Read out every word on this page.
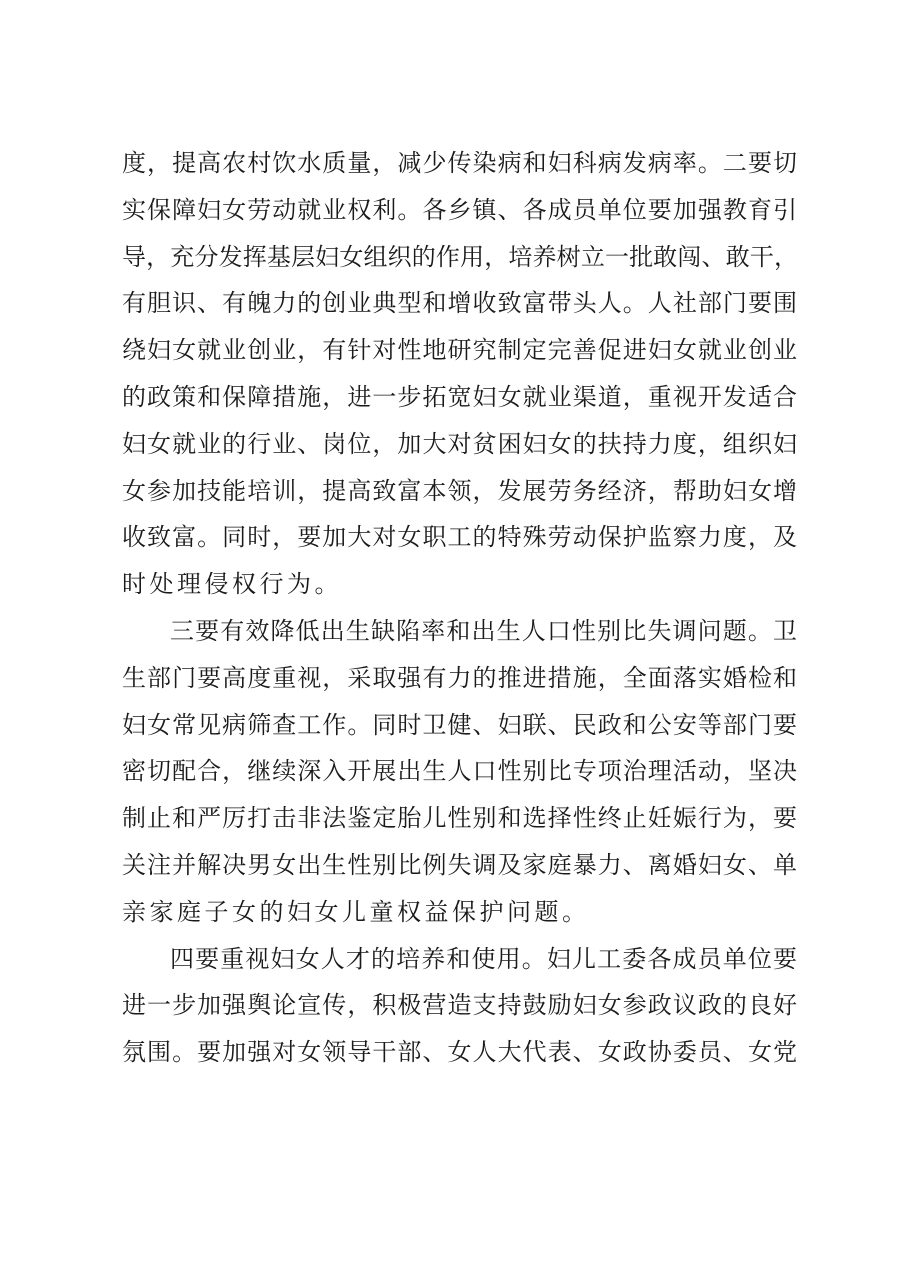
度，提高农村饮水质量，减少传染病和妇科病发病率。二要切
实保障妇女劳动就业权利。各乡镇、各成员单位要加强教育引
导，充分发挥基层妇女组织的作用，培养树立一批敢闯、敢干，
有胆识、有魄力的创业典型和增收致富带头人。人社部门要围
绕妇女就业创业，有针对性地研究制定完善促进妇女就业创业
的政策和保障措施，进一步拓宽妇女就业渠道，重视开发适合
妇女就业的行业、岗位，加大对贫困妇女的扶持力度，组织妇
女参加技能培训，提高致富本领，发展劳务经济，帮助妇女增
收致富。同时，要加大对女职工的特殊劳动保护监察力度，及
时处理侵权行为。
三要有效降低出生缺陷率和出生人口性别比失调问题。卫
生部门要高度重视，采取强有力的推进措施，全面落实婚检和
妇女常见病筛查工作。同时卫健、妇联、民政和公安等部门要
密切配合，继续深入开展出生人口性别比专项治理活动，坚决
制止和严厉打击非法鉴定胎儿性别和选择性终止妊娠行为，要
关注并解决男女出生性别比例失调及家庭暴力、离婚妇女、单
亲家庭子女的妇女儿童权益保护问题。
四要重视妇女人才的培养和使用。妇儿工委各成员单位要
进一步加强舆论宣传，积极营造支持鼓励妇女参政议政的良好
氛围。要加强对女领导干部、女人大代表、女政协委员、女党
